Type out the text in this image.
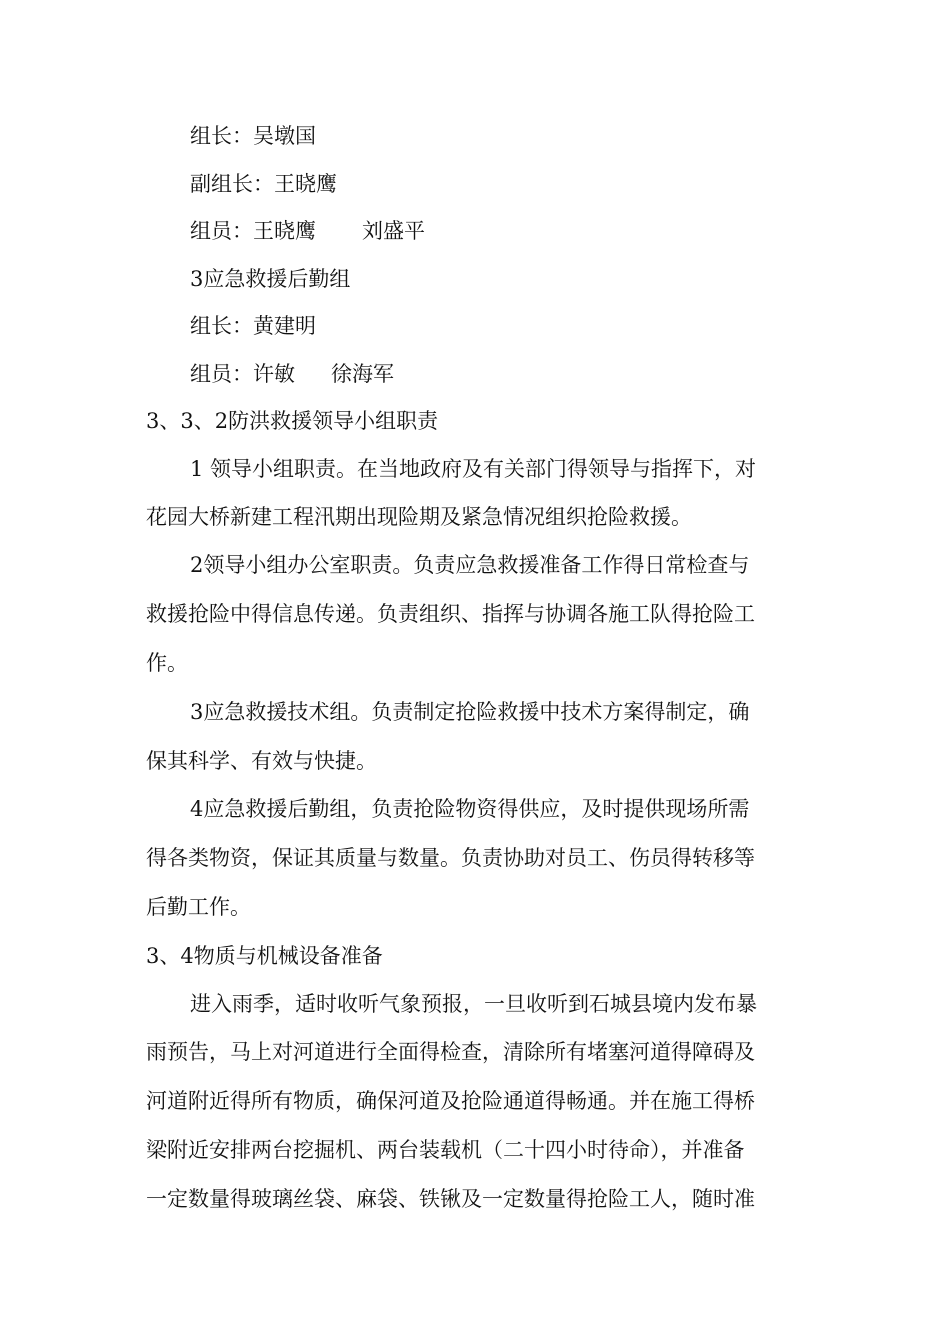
组长：吴墩国
副组长：王晓鹰
组员：王晓鹰 刘盛平
3应急救援后勤组
组长：黄建明
组员：许敏 徐海军
3、3、2防洪救援领导小组职责
1 领导小组职责。在当地政府及有关部门得领导与指挥下，对
花园大桥新建工程汛期出现险期及紧急情况组织抢险救援。
2领导小组办公室职责。负责应急救援准备工作得日常检查与
救援抢险中得信息传递。负责组织、指挥与协调各施工队得抢险工
作。
3应急救援技术组。负责制定抢险救援中技术方案得制定，确
保其科学、有效与快捷。
4应急救援后勤组，负责抢险物资得供应，及时提供现场所需
得各类物资，保证其质量与数量。负责协助对员工、伤员得转移等
后勤工作。
3、4物质与机械设备准备
进入雨季，适时收听气象预报，一旦收听到石城县境内发布暴
雨预告，马上对河道进行全面得检查，清除所有堵塞河道得障碍及
河道附近得所有物质，确保河道及抢险通道得畅通。并在施工得桥
梁附近安排两台挖掘机、两台装载机（二十四小时待命），并准备
一定数量得玻璃丝袋、麻袋、铁锹及一定数量得抢险工人，随时准
